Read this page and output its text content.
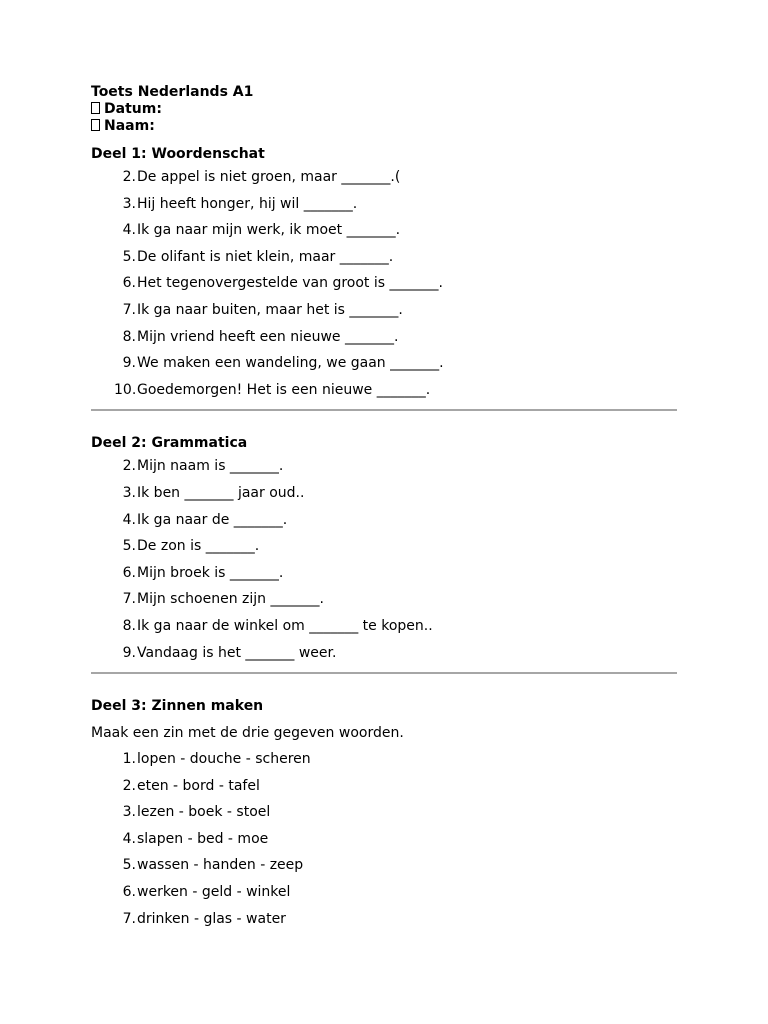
Toets Nederlands A1
Datum:
Naam:
Deel 1: Woordenschat
2. De appel is niet groen, maar _______.(
3. Hij heeft honger, hij wil _______.
4. Ik ga naar mijn werk, ik moet _______.
5. De olifant is niet klein, maar _______.
6. Het tegenovergestelde van groot is _______.
7. Ik ga naar buiten, maar het is _______.
8. Mijn vriend heeft een nieuwe _______.
9. We maken een wandeling, we gaan _______.
10. Goedemorgen! Het is een nieuwe _______.
Deel 2: Grammatica
2. Mijn naam is _______.
3. Ik ben _______ jaar oud..
4. Ik ga naar de _______.
5. De zon is _______.
6. Mijn broek is _______.
7. Mijn schoenen zijn _______.
8. Ik ga naar de winkel om _______ te kopen..
9. Vandaag is het _______ weer.
Deel 3: Zinnen maken
Maak een zin met de drie gegeven woorden.
1. lopen - douche - scheren
2. eten - bord - tafel
3. lezen - boek - stoel
4. slapen - bed - moe
5. wassen - handen - zeep
6. werken - geld - winkel
7. drinken - glas - water
